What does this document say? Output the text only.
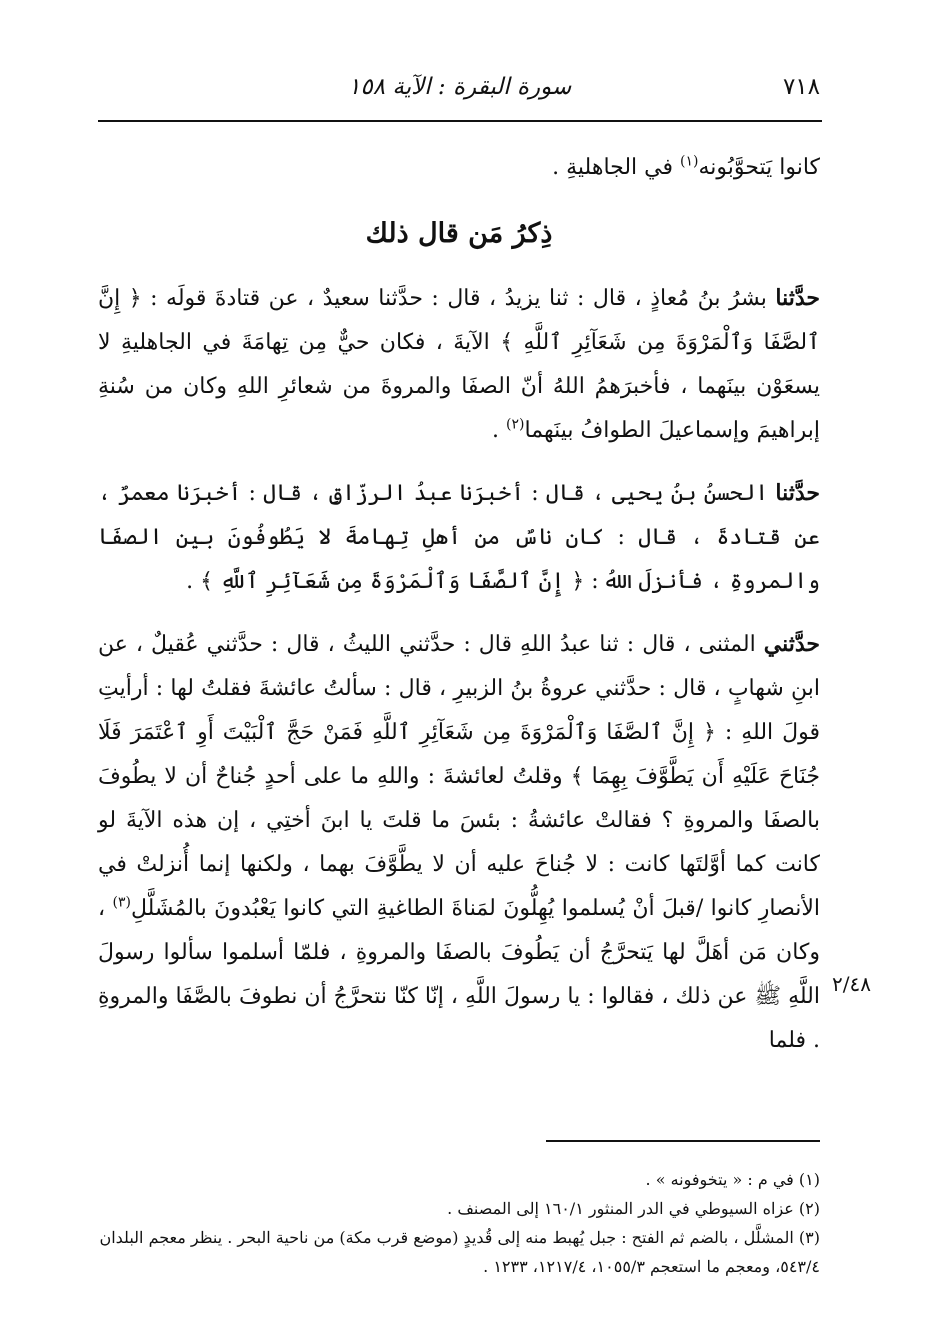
٧١٨
سورة البقرة : الآية ١٥٨
٢/٤٨

كانوا يَتحوَّبُونه$^{(١)}$ في الجاهليةِ .

ذِكرُ مَن قال ذلك

حدَّثنا بشرُ بنُ مُعاذٍ ، قال : ثنا يزيدُ ، قال : حدَّثنا سعيدٌ ، عن قتادةَ قولَه : ﴿ إِنَّ ٱلصَّفَا وَٱلْمَرْوَةَ مِن شَعَآئِرِ ٱللَّهِ ﴾ الآيةَ ، فكان حيٌّ مِن تِهامَةَ في الجاهليةِ لا يسعَوْن بينَهما ، فأخبرَهمُ اللهُ أنّ الصفَا والمروةَ من شعائرِ اللهِ وكان من سُنةِ إبراهيمَ وإسماعيلَ الطوافُ بينَهما$^{(٢)}$ .

حدَّثنا الحسنُ بنُ يحيى ، قال : أخبرَنا عبدُ الرزّاقِ ، قال : أخبرَنا معمرٌ ، عن قتادةَ ، قال : كان ناسٌ من أهلِ تِهامةَ لا يَطُوفُونَ بين الصفَا والمروةِ ، فأنزلَ اللهُ : ﴿ إِنَّ ٱلصَّفَا وَٱلْمَرْوَةَ مِن شَعَآئِرِ ٱللَّهِ ﴾ .

حدَّثني المثنى ، قال : ثنا عبدُ اللهِ قال : حدَّثني الليثُ ، قال : حدَّثني عُقيلٌ ، عن ابنِ شهابٍ ، قال : حدَّثني عروةُ بنُ الزبيرِ ، قال : سألتُ عائشةَ فقلتُ لها : أرأيتِ قولَ اللهِ : ﴿ إِنَّ ٱلصَّفَا وَٱلْمَرْوَةَ مِن شَعَآئِرِ ٱللَّهِ فَمَنْ حَجَّ ٱلْبَيْتَ أَوِ ٱعْتَمَرَ فَلَا جُنَاحَ عَلَيْهِ أَن يَطَّوَّفَ بِهِمَا ﴾ وقلتُ لعائشةَ : واللهِ ما على أحدٍ جُناحٌ أن لا يطُوفَ بالصفَا والمروةِ ؟ فقالتْ عائشةُ : بئسَ ما قلتَ يا ابنَ أختِي ، إن هذه الآيةَ لو كانت كما أوَّلتَها كانت : لا جُناحَ عليه أن لا يطَّوَّفَ بهما ، ولكنها إنما أُنزلتْ في الأنصارِ كانوا /قبلَ أنْ يُسلموا يُهِلُّونَ لمَناةَ الطاغيةِ التي كانوا يَعْبُدونَ بالمُشَلَّلِ$^{(٣)}$ ، وكان مَن أهَلَّ لها يَتحرَّجُ أن يَطُوفَ بالصفَا والمروةِ ، فلمّا أسلموا سألوا رسولَ اللَّهِ ﷺ عن ذلك ، فقالوا : يا رسولَ اللَّهِ ، إنّا كنّا نتحرَّجُ أن نطوفَ بالصَّفَا والمروةِ . فلما

(١) في م : « يتخوفونه » .
(٢) عزاه السيوطي في الدر المنثور ١٦٠/١ إلى المصنف .
(٣) المشلَّل ، بالضم ثم الفتح : جبل يُهبط منه إلى قُديدٍ (موضع قرب مكة) من ناحية البحر . ينظر معجم البلدان ٥٤٣/٤، ومعجم ما استعجم ١٠٥٥/٣، ١٢١٧/٤، ١٢٣٣ .
